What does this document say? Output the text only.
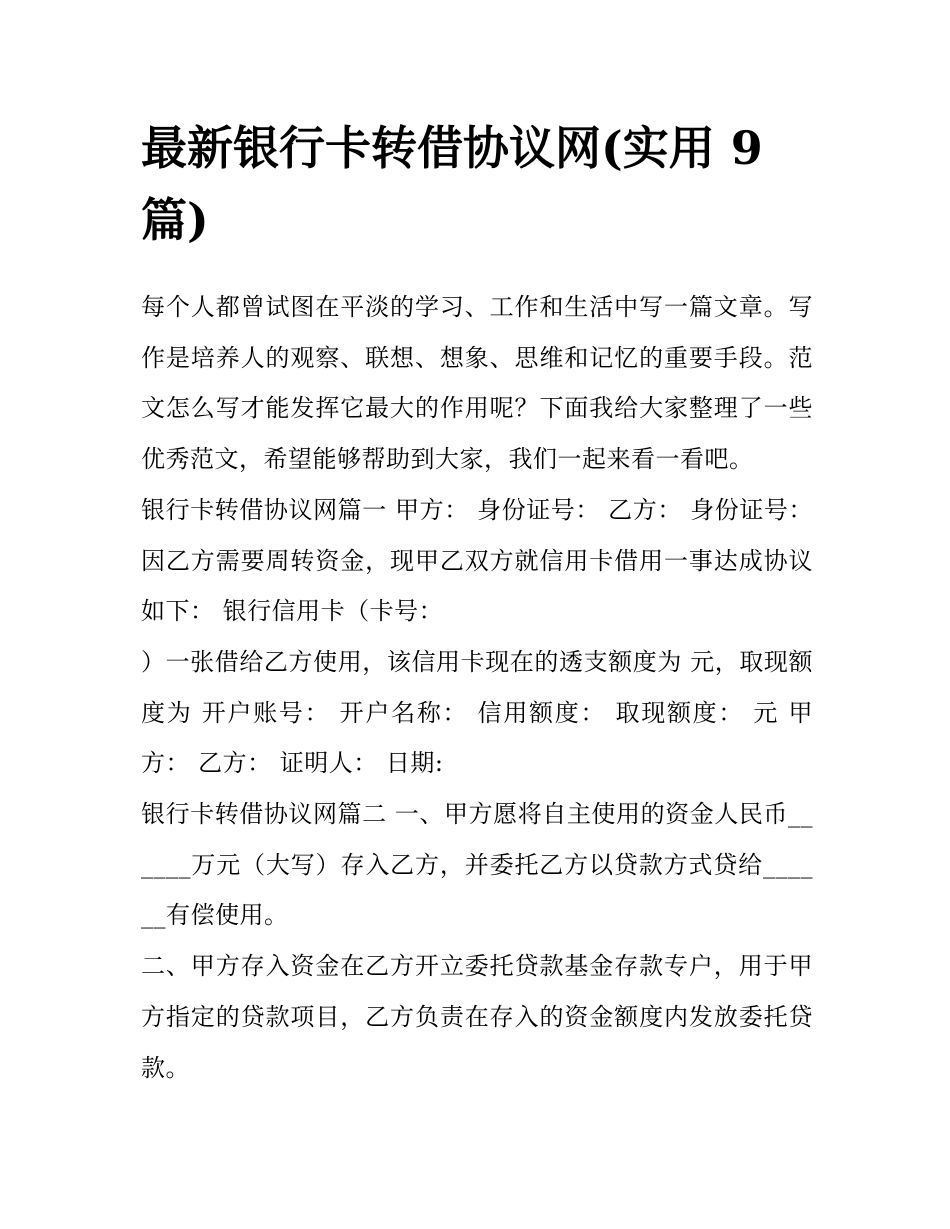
最新银行卡转借协议网(实用 9 篇)

每个人都曾试图在平淡的学习、工作和生活中写一篇文章。写作是培养人的观察、联想、想象、思维和记忆的重要手段。范文怎么写才能发挥它最大的作用呢？下面我给大家整理了一些优秀范文，希望能够帮助到大家，我们一起来看一看吧。

银行卡转借协议网篇一 甲方： 身份证号： 乙方： 身份证号： 因乙方需要周转资金，现甲乙双方就信用卡借用一事达成协议如下： 银行信用卡（卡号：

）一张借给乙方使用，该信用卡现在的透支额度为 元，取现额度为 开户账号： 开户名称： 信用额度： 取现额度： 元 甲方： 乙方： 证明人： 日期:

银行卡转借协议网篇二 一、甲方愿将自主使用的资金人民币______万元（大写）存入乙方，并委托乙方以贷款方式贷给______有偿使用。

二、甲方存入资金在乙方开立委托贷款基金存款专户，用于甲方指定的贷款项目，乙方负责在存入的资金额度内发放委托贷款。
